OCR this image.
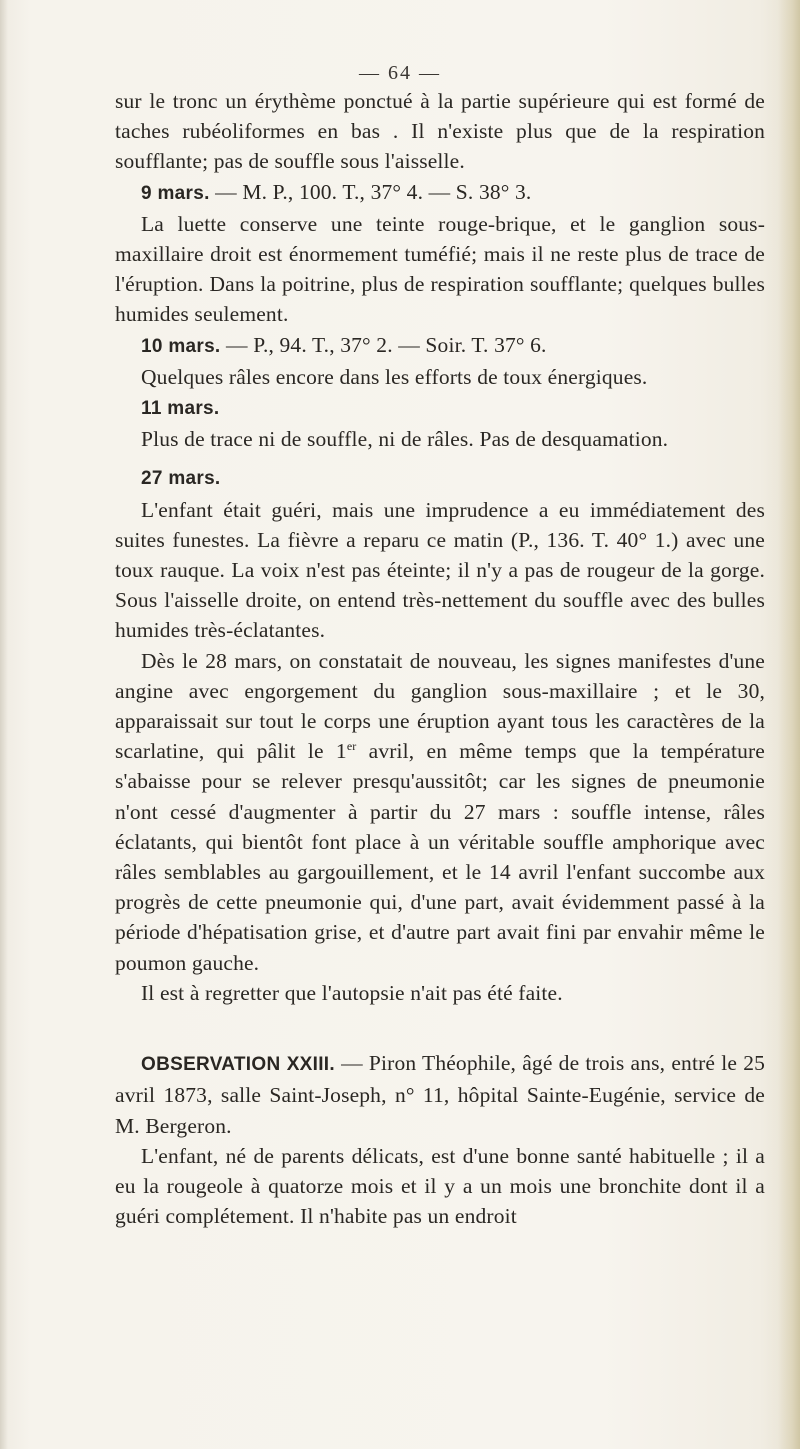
— 64 —

sur le tronc un érythème ponctué à la partie supérieure qui est formé de taches rubéoliformes en bas . Il n'existe plus que de la respiration soufflante; pas de souffle sous l'aisselle.

9 mars. — M. P., 100. T., 37° 4. — S. 38° 3.

La luette conserve une teinte rouge-brique, et le ganglion sous-maxillaire droit est énormement tuméfié; mais il ne reste plus de trace de l'éruption. Dans la poitrine, plus de respiration soufflante; quelques bulles humides seulement.

10 mars. — P., 94. T., 37° 2. — Soir. T. 37° 6.

Quelques râles encore dans les efforts de toux énergiques.

11 mars.

Plus de trace ni de souffle, ni de râles. Pas de desquamation.

27 mars.

L'enfant était guéri, mais une imprudence a eu immédiatement des suites funestes. La fièvre a reparu ce matin (P., 136. T. 40° 1.) avec une toux rauque. La voix n'est pas éteinte; il n'y a pas de rougeur de la gorge. Sous l'aisselle droite, on entend très-nettement du souffle avec des bulles humides très-éclatantes.

Dès le 28 mars, on constatait de nouveau, les signes manifestes d'une angine avec engorgement du ganglion sous-maxillaire ; et le 30, apparaissait sur tout le corps une éruption ayant tous les caractères de la scarlatine, qui pâlit le 1er avril, en même temps que la température s'abaisse pour se relever presqu'aussitôt; car les signes de pneumonie n'ont cessé d'augmenter à partir du 27 mars : souffle intense, râles éclatants, qui bientôt font place à un véritable souffle amphorique avec râles semblables au gargouillement, et le 14 avril l'enfant succombe aux progrès de cette pneumonie qui, d'une part, avait évidemment passé à la période d'hépatisation grise, et d'autre part avait fini par envahir même le poumon gauche.

Il est à regretter que l'autopsie n'ait pas été faite.

OBSERVATION XXIII. — Piron Théophile, âgé de trois ans, entré le 25 avril 1873, salle Saint-Joseph, n° 11, hôpital Sainte-Eugénie, service de M. Bergeron.

L'enfant, né de parents délicats, est d'une bonne santé habituelle ; il a eu la rougeole à quatorze mois et il y a un mois une bronchite dont il a guéri complétement. Il n'habite pas un endroit
